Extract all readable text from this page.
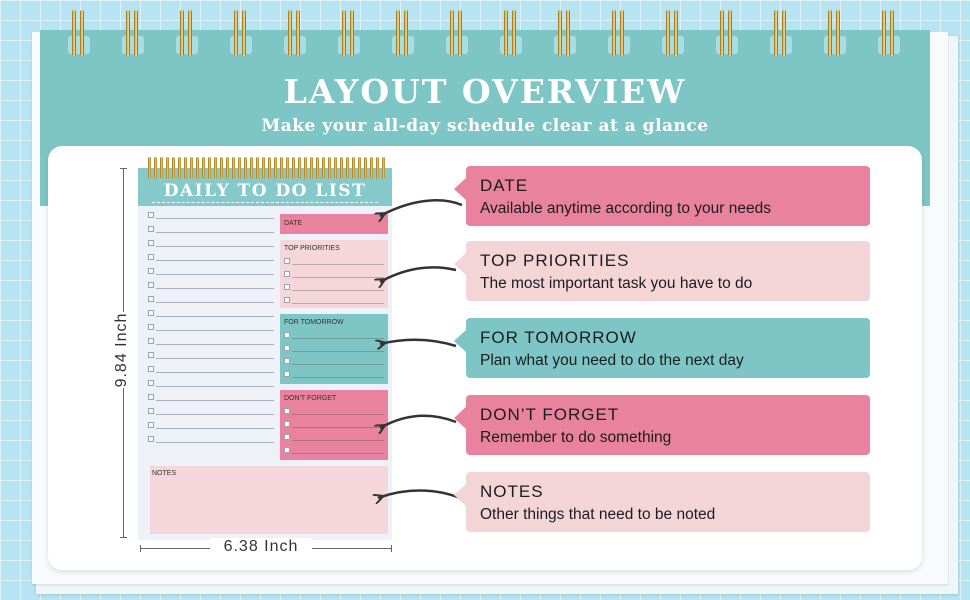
LAYOUT OVERVIEW
Make your all-day schedule clear at a glance
DAILY TO DO LIST
DATE
TOP PRIORITIES
FOR TOMORROW
DON'T FORGET
NOTES
9.84 Inch
6.38 Inch
DATE
Available anytime according to your needs
TOP PRIORITIES
The most important task you have to do
FOR TOMORROW
Plan what you need to do the next day
DON’T FORGET
Remember to do something
NOTES
Other things that need to be noted
